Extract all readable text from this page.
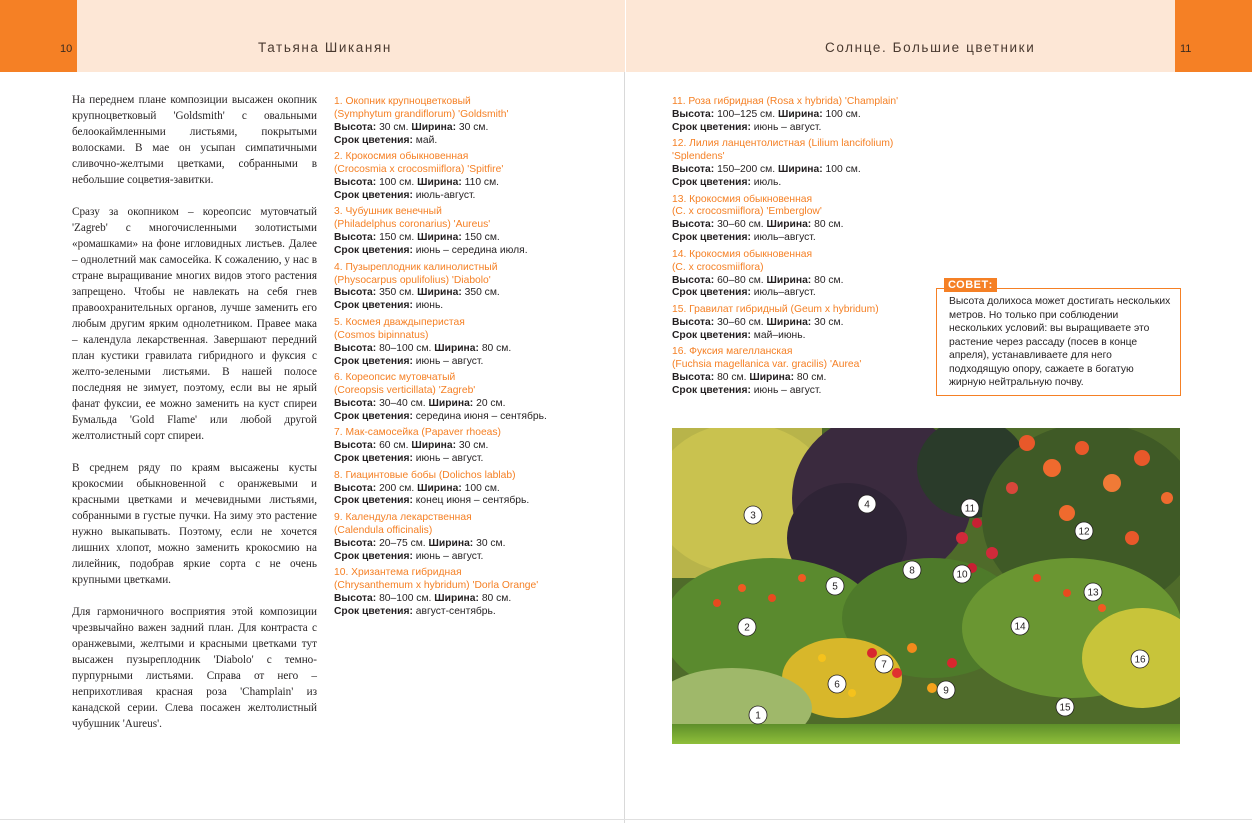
10	Татьяна Шиканян

На переднем плане композиции высажен окопник крупноцветковый 'Goldsmith' с овальными белоокаймленными листьями, покрытыми волосками. В мае он усыпан симпатичными сливочно-желтыми цветками, собранными в небольшие соцветия-завитки.

Сразу за окопником – кореопсис мутовчатый 'Zagreb' с многочисленными золотистыми «ромашками» на фоне игловидных листьев. Далее – однолетний мак самосейка. К сожалению, у нас в стране выращивание многих видов этого растения запрещено. Чтобы не навлекать на себя гнев правоохранительных органов, лучше заменить его любым другим ярким однолетником. Правее мака – календула лекарственная. Завершают передний план кустики гравилата гибридного и фуксия с желто-зелеными листьями. В нашей полосе последняя не зимует, поэтому, если вы не ярый фанат фуксии, ее можно заменить на куст спиреи Бумальда 'Gold Flame' или любой другой желтолистный сорт спиреи.

В среднем ряду по краям высажены кусты крокосмии обыкновенной с оранжевыми и красными цветками и мечевидными листьями, собранными в густые пучки. На зиму это растение нужно выкапывать. Поэтому, если не хочется лишних хлопот, можно заменить крокосмию на лилейник, подобрав яркие сорта с не очень крупными цветками.

Для гармоничного восприятия этой композиции чрезвычайно важен задний план. Для контраста с оранжевыми, желтыми и красными цветками тут высажен пузыреплодник 'Diabolo' с темно-пурпурными листьями. Справа от него – неприхотливая красная роза 'Champlain' из канадской серии. Слева посажен желтолистный чубушник 'Aureus'.

1. Окопник крупноцветковый
(Symphytum grandiflorum) 'Goldsmith'
Высота: 30 см. Ширина: 30 см.
Срок цветения: май.
2. Крокосмия обыкновенная
(Crocosmia x crocosmiiflora) 'Spitfire'
Высота: 100 см. Ширина: 110 см.
Срок цветения: июль-август.
3. Чубушник венечный
(Philadelphus coronarius) 'Aureus'
Высота: 150 см. Ширина: 150 см.
Срок цветения: июнь – середина июля.
4. Пузыреплодник калинолистный
(Physocarpus opulifolius) 'Diabolo'
Высота: 350 см. Ширина: 350 см.
Срок цветения: июнь.
5. Космея дваждыперистая
(Cosmos bipinnatus)
Высота: 80–100 см. Ширина: 80 см.
Срок цветения: июнь – август.
6. Кореопсис мутовчатый
(Coreopsis verticillata) 'Zagreb'
Высота: 30–40 см. Ширина: 20 см.
Срок цветения: середина июня – сентябрь.
7. Мак-самосейка (Papaver rhoeas)
Высота: 60 см. Ширина: 30 см.
Срок цветения: июнь – август.
8. Гиацинтовые бобы (Dolichos lablab)
Высота: 200 см. Ширина: 100 см.
Срок цветения: конец июня – сентябрь.
9. Календула лекарственная
(Calendula officinalis)
Высота: 20–75 см. Ширина: 30 см.
Срок цветения: июнь – август.
10. Хризантема гибридная
(Chrysanthemum x hybridum) 'Dorla Orange'
Высота: 80–100 см. Ширина: 80 см.
Срок цветения: август-сентябрь.
11
Солнце. Большие цветники
11. Роза гибридная (Rosa x hybrida) 'Champlain'
Высота: 100–125 см. Ширина: 100 см.
Срок цветения: июнь – август.
12. Лилия ланцентолистная (Lilium lancifolium)
'Splendens'
Высота: 150–200 см. Ширина: 100 см.
Срок цветения: июль.
13. Крокосмия обыкновенная
(C. x crocosmiiflora) 'Emberglow'
Высота: 30–60 см. Ширина: 80 см.
Срок цветения: июль–август.
14. Крокосмия обыкновенная
(C. x crocosmiiflora)
Высота: 60–80 см. Ширина: 80 см.
Срок цветения: июль–август.
15. Гравилат гибридный (Geum x hybridum)
Высота: 30–60 см. Ширина: 30 см.
Срок цветения: май–июнь.
16. Фуксия магелланская
(Fuchsia magellanica var. gracilis) 'Aurea'
Высота: 80 см. Ширина: 80 см.
Срок цветения: июнь – август.
СОВЕТ:
Высота долихоса может достигать нескольких метров. Но только при соблюдении нескольких условий: вы выращиваете это растение через рассаду (посев в конце апреля), устанавливаете для него подходящую опору, сажаете в богатую жирную нейтральную почву.
1
2
3
4
5
6
7
8
9
10
11
12
13
14
15
16
